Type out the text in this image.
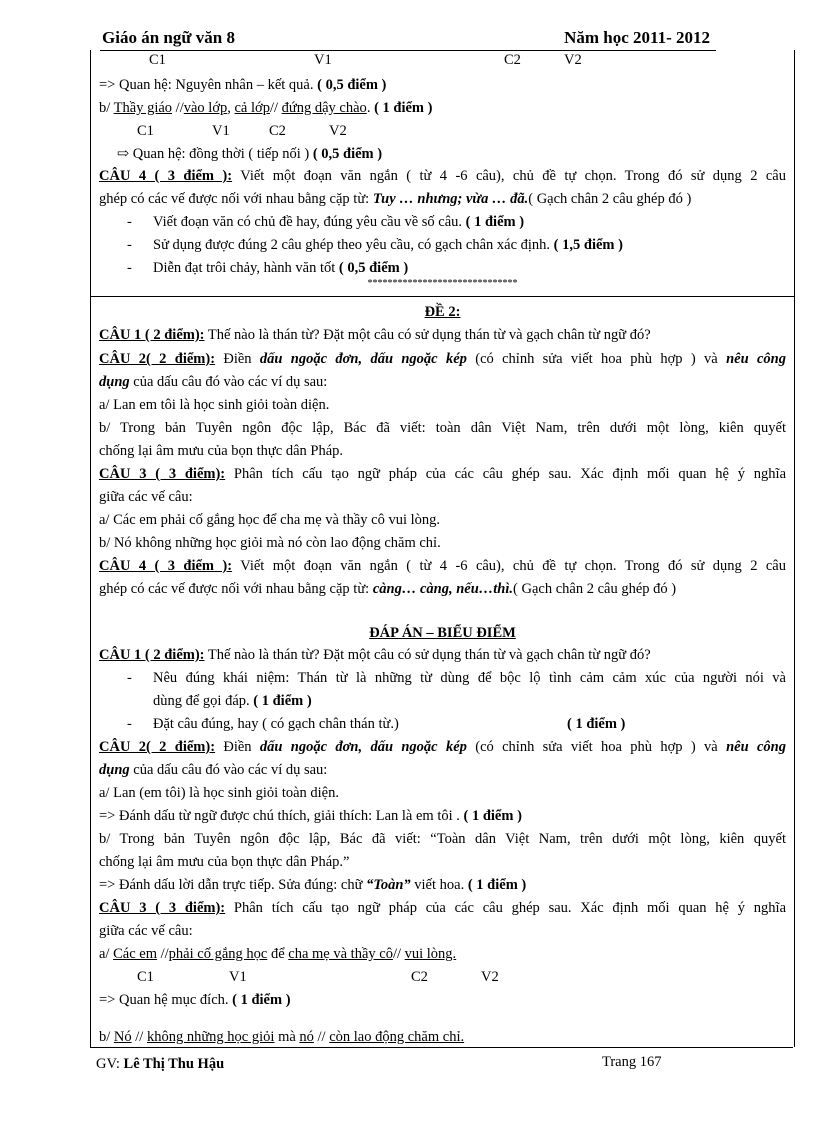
Giáo án ngữ văn 8	Năm học 2011- 2012
C1	V1	C2	V2
=> Quan hệ: Nguyên nhân – kết quả. ( 0,5 điểm )
b/ Thầy giáo //vào lớp, cả lớp// đứng dậy chào. ( 1 điểm )
C1	V1	C2	V2
⇨ Quan hệ: đồng thời ( tiếp nối ) ( 0,5 điểm )
CÂU 4 ( 3 điểm ): Viết một đoạn văn ngắn ( từ 4 -6 câu), chủ đề tự chọn. Trong đó sử dụng 2 câu
ghép có các vế được nối với nhau bằng cặp từ: Tuy … nhưng; vừa … đã.( Gạch chân 2 câu ghép đó )
- Viết đoạn văn có chủ đề hay, đúng yêu cầu về số câu. ( 1 điểm )
- Sử dụng được đúng 2 câu ghép theo yêu cầu, có gạch chân xác định. ( 1,5 điểm )
- Diễn đạt trôi chảy, hành văn tốt ( 0,5 điểm )
******************************
ĐỀ 2:
CÂU 1 ( 2 điểm): Thế nào là thán từ? Đặt một câu có sử dụng thán từ và gạch chân từ ngữ đó?
CÂU 2( 2 điểm): Điền dấu ngoặc đơn, dấu ngoặc kép (có chỉnh sửa viết hoa phù hợp ) và nêu công
dụng của dấu câu đó vào các ví dụ sau:
a/ Lan em tôi là học sinh giỏi toàn diện.
b/ Trong bản Tuyên ngôn độc lập, Bác đã viết: toàn dân Việt Nam, trên dưới một lòng, kiên quyết
chống lại âm mưu của bọn thực dân Pháp.
CÂU 3 ( 3 điểm): Phân tích cấu tạo ngữ pháp của các câu ghép sau. Xác định mối quan hệ ý nghĩa
giữa các vế câu:
a/ Các em phải cố gắng học để cha mẹ và thầy cô vui lòng.
b/ Nó không những học giỏi mà nó còn lao động chăm chỉ.
CÂU 4 ( 3 điểm ): Viết một đoạn văn ngắn ( từ 4 -6 câu), chủ đề tự chọn. Trong đó sử dụng 2 câu
ghép có các vế được nối với nhau bằng cặp từ: càng… càng, nếu…thì.( Gạch chân 2 câu ghép đó )
ĐÁP ÁN – BIỂU ĐIỂM
CÂU 1 ( 2 điểm): Thế nào là thán từ? Đặt một câu có sử dụng thán từ và gạch chân từ ngữ đó?
- Nêu đúng khái niệm: Thán từ là những từ dùng để bộc lộ tình cảm cảm xúc của người nói và
dùng để gọi đáp. ( 1 điểm )
- Đặt câu đúng, hay ( có gạch chân thán từ.)	( 1 điểm )
CÂU 2( 2 điểm): Điền dấu ngoặc đơn, dấu ngoặc kép (có chỉnh sửa viết hoa phù hợp ) và nêu công
dụng của dấu câu đó vào các ví dụ sau:
a/ Lan (em tôi) là học sinh giỏi toàn diện.
=> Đánh dấu từ ngữ được chú thích, giải thích: Lan là em tôi . ( 1 điểm )
b/ Trong bản Tuyên ngôn độc lập, Bác đã viết: “Toàn dân Việt Nam, trên dưới một lòng, kiên quyết
chống lại âm mưu của bọn thực dân Pháp.”
=> Đánh dấu lời dẫn trực tiếp. Sửa đúng: chữ “Toàn” viết hoa. ( 1 điểm )
CÂU 3 ( 3 điểm): Phân tích cấu tạo ngữ pháp của các câu ghép sau. Xác định mối quan hệ ý nghĩa
giữa các vế câu:
a/ Các em //phải cố gắng học để cha mẹ và thầy cô// vui lòng.
C1	V1	C2	V2
=> Quan hệ mục đích. ( 1 điểm )
b/ Nó // không những học giỏi mà nó // còn lao động chăm chỉ.
GV: Lê Thị Thu Hậu	Trang 167
